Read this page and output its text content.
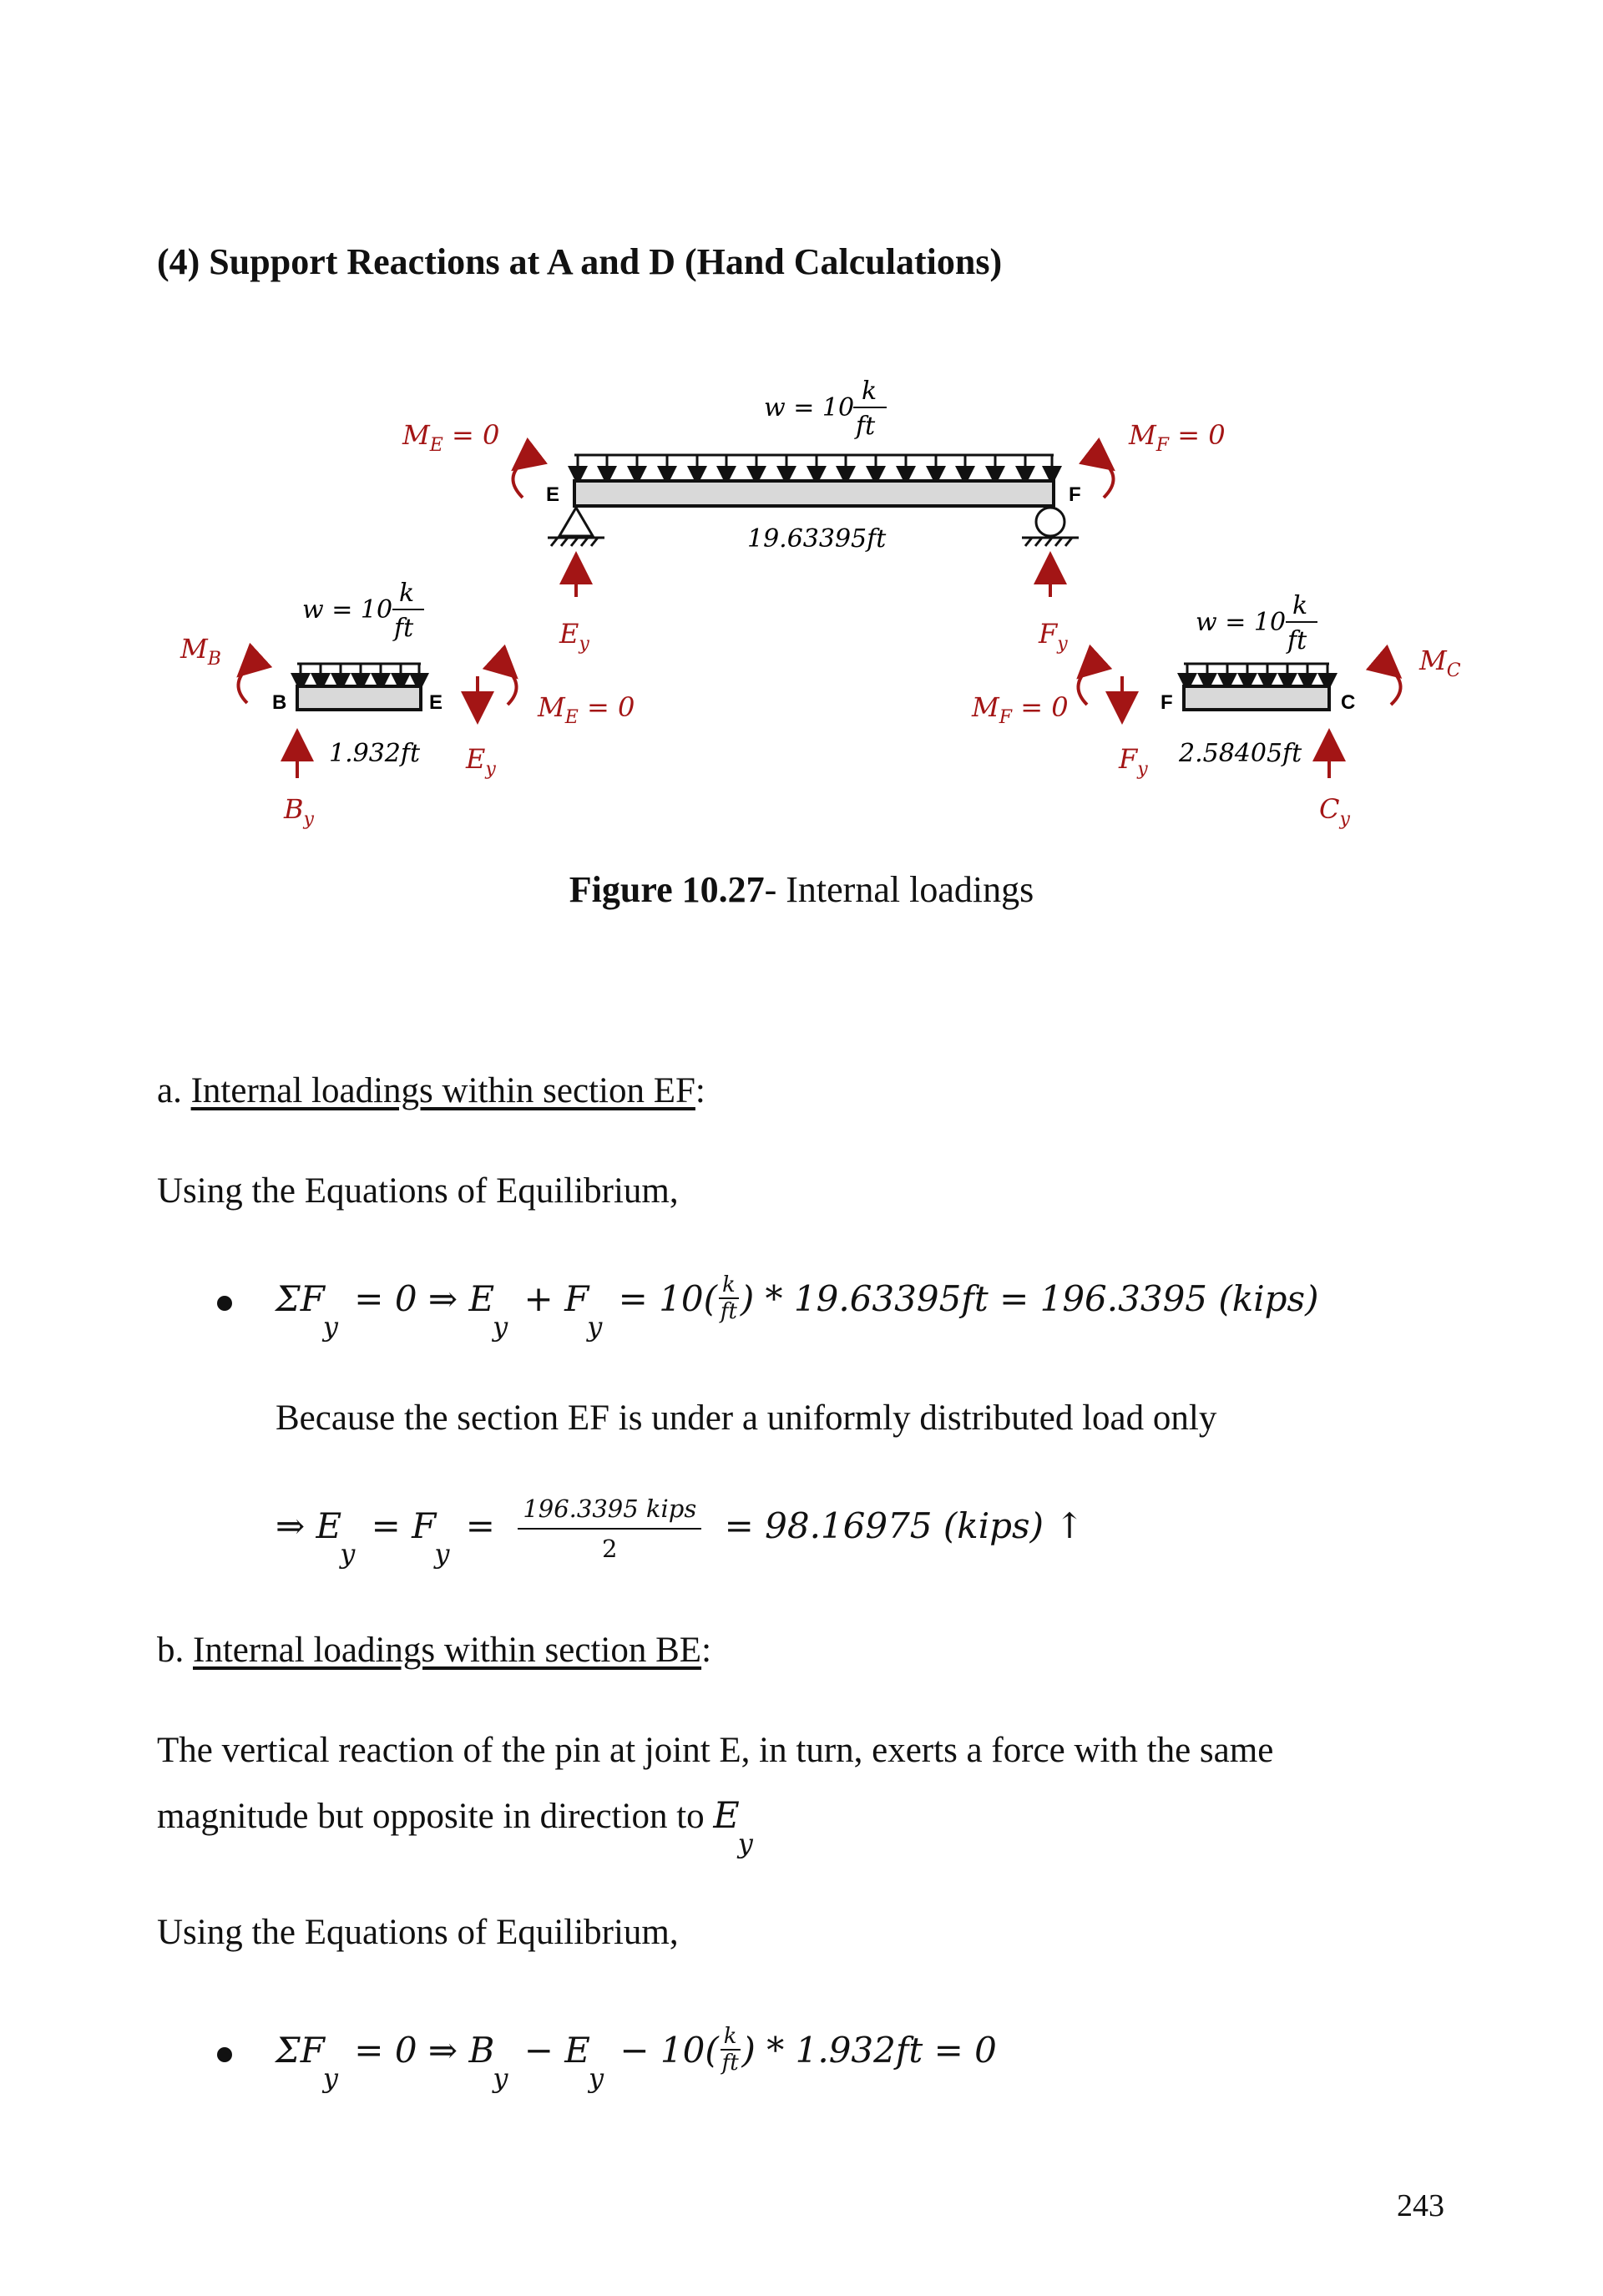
(4) Support Reactions at A and D (Hand Calculations)
w = 10
k
ft
E	F
19.63395ft
$M_E = 0$	$M_F = 0$
$E_y$	$F_y$
$M_B$
w = 10
k
ft
B	E
1.932ft
$B_y$
$E_y$
$M_E = 0$	$M_F = 0$
$F_y$
w = 10
k
ft
F	C
2.58405ft
$C_y$
$M_C$
Figure 10.27- Internal loadings
a. Internal loadings within section EF:
Using the Equations of Equilibrium,
$\Sigma F_y = 0$ ⇒ $E_y + F_y = 10( \frac{k}{ft}$ ) * 19.63395ft = 196.3395 (kips)
Because the section EF is under a uniformly distributed load only
⇒ $E_y = F_y = \frac{\text{196.3395 kips}}{2} = 98.16975$ (kips) ↑
b. Internal loadings within section BE:
The vertical reaction of the pin at joint E, in turn, exerts a force with the same
magnitude but opposite in direction to $E_y$
Using the Equations of Equilibrium,
$\Sigma F_y = 0$ ⇒ $B_y - E_y - 10( \frac{k}{ft}$ ) * 1.932ft = 0
243
